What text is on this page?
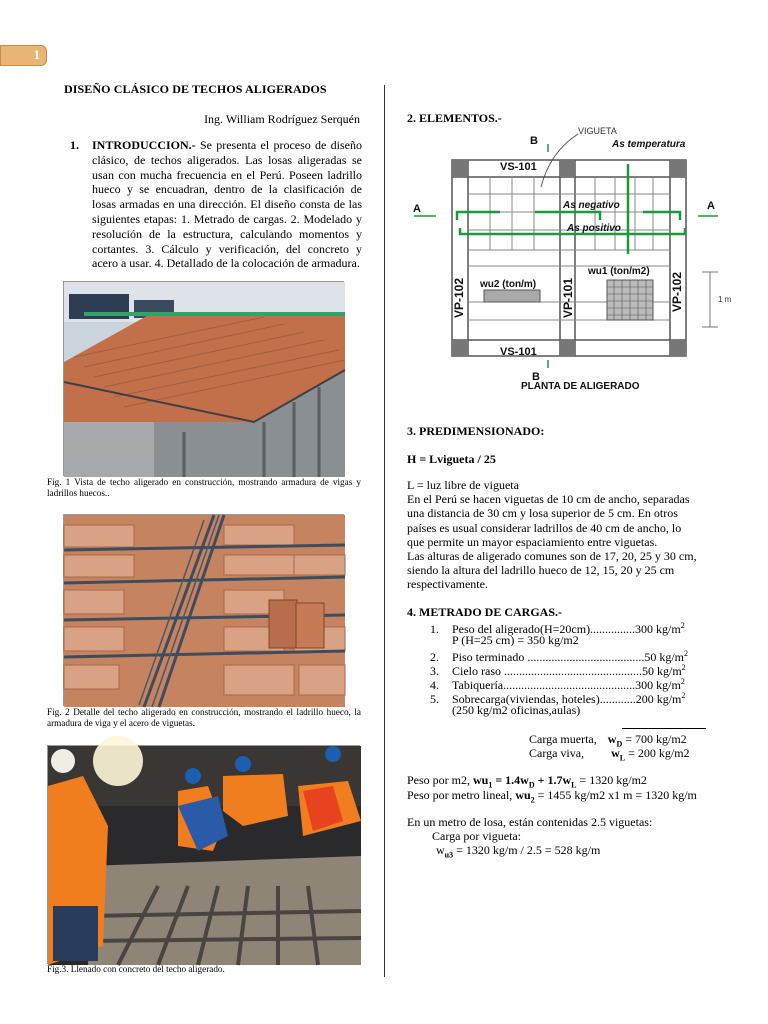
1
DISEÑO CLÁSICO DE TECHOS ALIGERADOS
Ing. William Rodríguez Serquén
1. INTRODUCCION.- Se presenta el proceso de diseño clásico, de techos aligerados. Las losas aligeradas se usan con mucha frecuencia en el Perú. Poseen ladrillo hueco y se encuadran, dentro de la clasificación de losas armadas en una dirección. El diseño consta de las siguientes etapas: 1. Metrado de cargas. 2. Modelado y resolución de la estructura, calculando momentos y cortantes. 3. Cálculo y verificación, del concreto y acero a usar. 4. Detallado de la colocación de armadura.

Fig. 1 Vista de techo aligerado en construcción, mostrando armadura de vigas y ladrillos huecos..
Fig. 2 Detalle del techo aligerado en construcción, mostrando el ladrillo hueco, la armadura de viga y el acero de viguetas.
Fig.3. Llenado con concreto del techo aligerado.
2. ELEMENTOS.-
VIGUETA
As temperatura
B
VS-101
A	A
As negativo
As positivo
VP-102	VP-101	VP-102
wu2 (ton/m)
wu1 (ton/m2)
1 m
VS-101
B
PLANTA DE ALIGERADO
3. PREDIMENSIONADO:
H = Lvigueta / 25
L = luz libre de vigueta
En el Perú se hacen viguetas de 10 cm de ancho, separadas
una distancia de 30 cm y losa superior de 5 cm. En otros
países es usual considerar ladrillos de 40 cm de ancho, lo
que permite un mayor espaciamiento entre viguetas.
Las alturas de aligerado comunes son de 17, 20, 25 y 30 cm,
siendo la altura del ladrillo hueco de 12, 15, 20 y 25 cm
respectivamente.
4. METRADO DE CARGAS.-
1. Peso del aligerado(H=20cm)...............300 $kg/m^2$
P (H=25 cm) = 350 kg/m2
2. Piso terminado .......................................50 $kg/m^2$
3. Cielo raso ..............................................50 $kg/m^2$
4. Tabiquería............................................300 $kg/m^2$
5. Sobrecarga(viviendas, hoteles)............200 $kg/m^2$
(250 kg/m2 oficinas,aulas)
Carga muerta, $w_D = 700$ kg/m2
Carga viva, $w_L = 200$ kg/m2
Peso por m2, $wu_1 = 1.4w_D + 1.7w_L = 1320$ kg/m2
Peso por metro lineal, $wu_2 = 1455$ kg/m2 x1 m = 1320 kg/m
En un metro de losa, están contenidas 2.5 viguetas:
Carga por vigueta:
$w_{u3} = 1320$ kg/m / 2.5 = 528 kg/m
